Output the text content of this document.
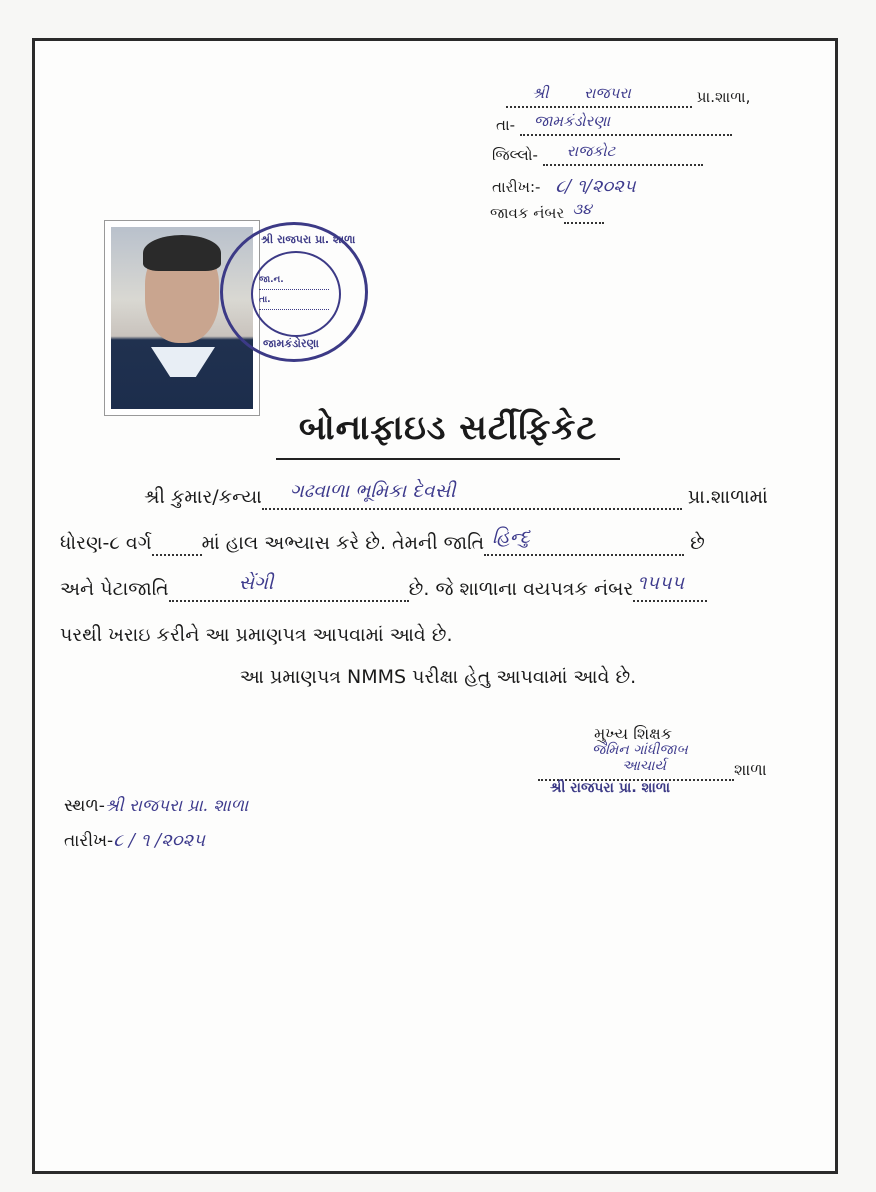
શ્રી રાજપરા	પ્રા.શાળા,
તા- જામકંડોરણા

જિલ્લો- રાજકોટ

તારીખ:- ૮/ ૧/૨૦૨૫
જાવક નંબર ૩૪

શ્રી રાજપરા પ્રા. શાળા
જામકંડોરણા
જા.ન.
તા.
બોનાફાઇડ સર્ટીફિકેટ
શ્રી કુમાર/કન્યા ગઢવાળા ભૂમિકા દેવસી	પ્રા.શાળામાં
ધોરણ-૮ વર્ગ	માં હાલ અભ્યાસ કરે છે. તેમની જાતિ હિન્દુ	છે
અને પેટાજાતિ	સેંગી	છે. જે શાળાના વયપત્રક નંબર ૧૫૫૫

પરથી ખરાઇ કરીને આ પ્રમાણપત્ર આપવામાં આવે છે.
આ પ્રમાણપત્ર NMMS પરીક્ષા હેતુ આપવામાં આવે છે.
મુખ્ય શિક્ષક
જૈમિન ગાંધીજાબ
આચાર્ય	શાળા
શ્રી રાજપરા પ્રા. શાળા
સ્થળ-શ્રી રાજપરા પ્રા. શાળા
તારીખ-૮ / ૧ /૨૦૨૫
